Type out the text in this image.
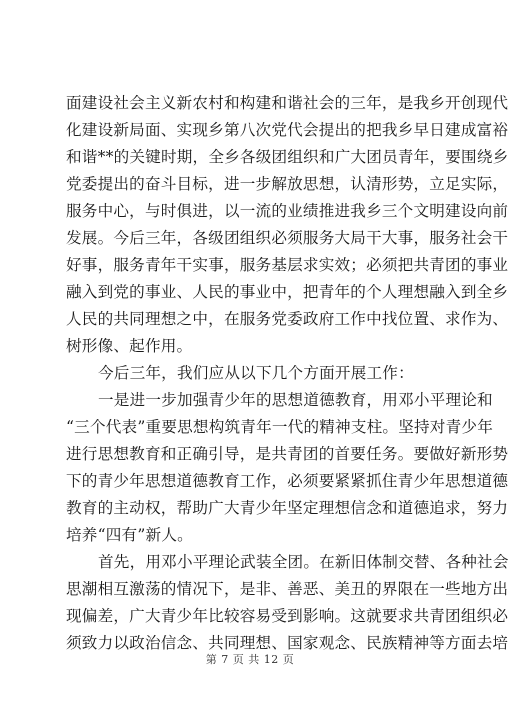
面建设社会主义新农村和构建和谐社会的三年，是我乡开创现代
化建设新局面、实现乡第八次党代会提出的把我乡早日建成富裕
和谐**的关键时期，全乡各级团组织和广大团员青年，要围绕乡
党委提出的奋斗目标，进一步解放思想，认清形势，立足实际，
服务中心，与时俱进，以一流的业绩推进我乡三个文明建设向前
发展。今后三年，各级团组织必须服务大局干大事，服务社会干
好事，服务青年干实事，服务基层求实效；必须把共青团的事业
融入到党的事业、人民的事业中，把青年的个人理想融入到全乡
人民的共同理想之中，在服务党委政府工作中找位置、求作为、
树形像、起作用。
今后三年，我们应从以下几个方面开展工作：
一是进一步加强青少年的思想道德教育，用邓小平理论和
“三个代表”重要思想构筑青年一代的精神支柱。坚持对青少年
进行思想教育和正确引导，是共青团的首要任务。要做好新形势
下的青少年思想道德教育工作，必须要紧紧抓住青少年思想道德
教育的主动权，帮助广大青少年坚定理想信念和道德追求，努力
培养“四有”新人。
首先，用邓小平理论武装全团。在新旧体制交替、各种社会
思潮相互激荡的情况下，是非、善恶、美丑的界限在一些地方出
现偏差，广大青少年比较容易受到影响。这就要求共青团组织必
须致力以政治信念、共同理想、国家观念、民族精神等方面去培
第 7 页 共 12 页
